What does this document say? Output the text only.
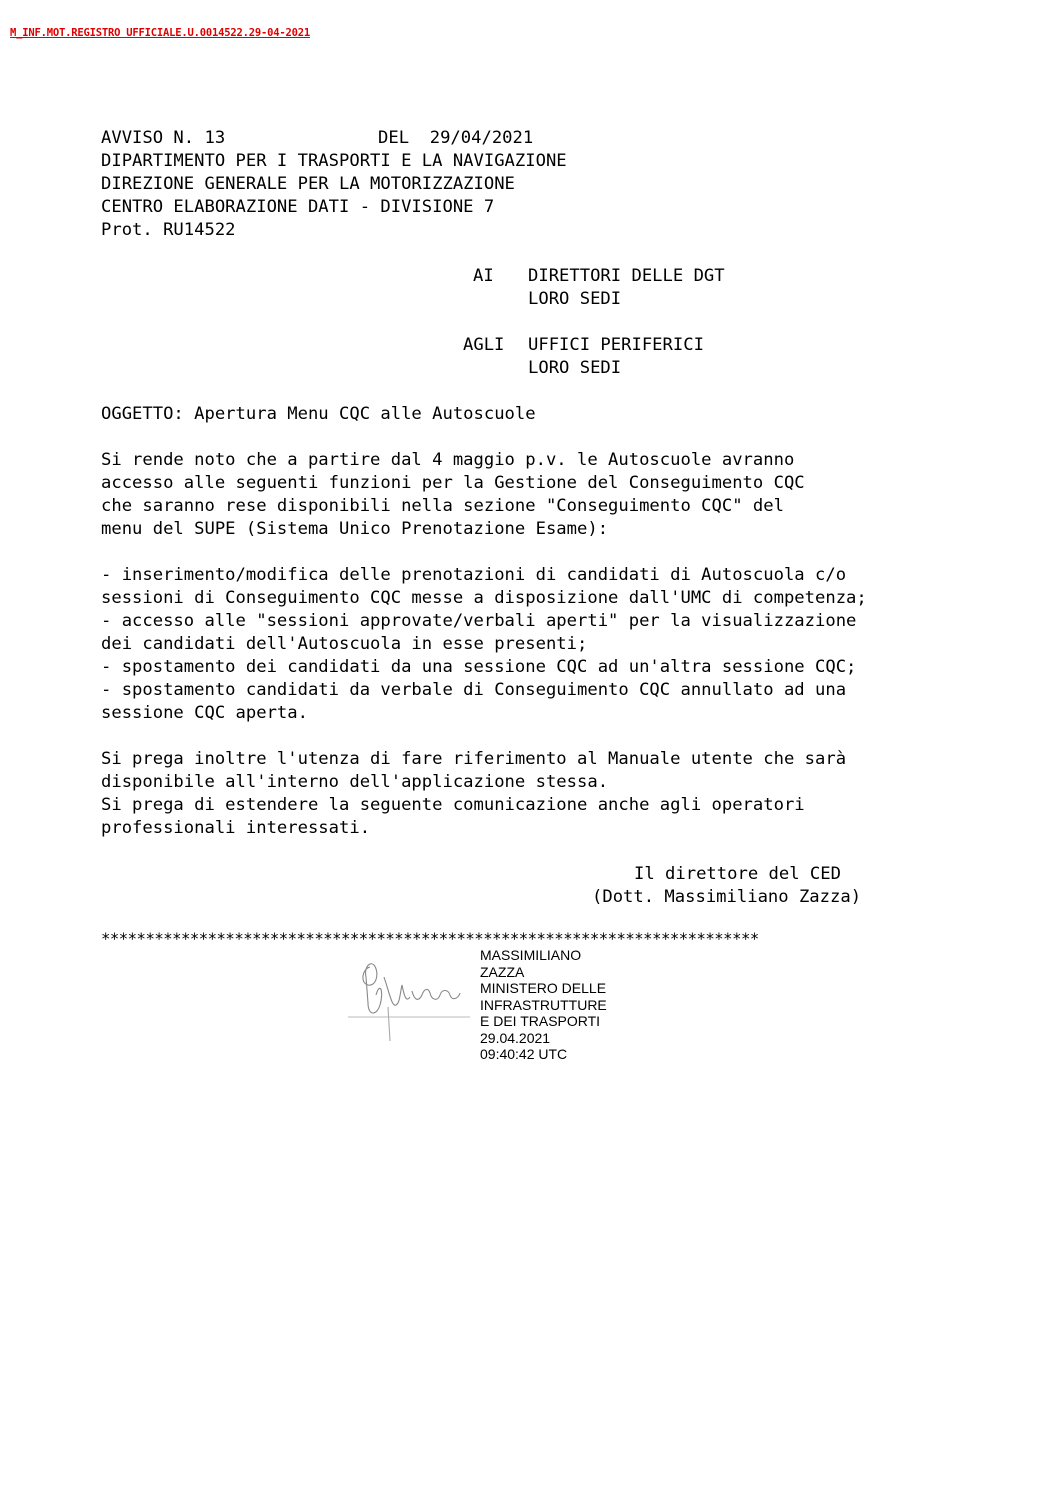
M_INF.MOT.REGISTRO UFFICIALE.U.0014522.29-04-2021
AVVISO N. 13	DEL  29/04/2021
DIPARTIMENTO PER I TRASPORTI E LA NAVIGAZIONE
DIREZIONE GENERALE PER LA MOTORIZZAZIONE
CENTRO ELABORAZIONE DATI - DIVISIONE 7
Prot. RU14522
AI DIRETTORI DELLE DGT
LORO SEDI
AGLI UFFICI PERIFERICI
LORO SEDI
OGGETTO: Apertura Menu CQC alle Autoscuole
Si rende noto che a partire dal 4 maggio p.v. le Autoscuole avranno
accesso alle seguenti funzioni per la Gestione del Conseguimento CQC
che saranno rese disponibili nella sezione "Conseguimento CQC" del
menu del SUPE (Sistema Unico Prenotazione Esame):
- inserimento/modifica delle prenotazioni di candidati di Autoscuola c/o
sessioni di Conseguimento CQC messe a disposizione dall'UMC di competenza;
- accesso alle "sessioni approvate/verbali aperti" per la visualizzazione
dei candidati dell'Autoscuola in esse presenti;
- spostamento dei candidati da una sessione CQC ad un'altra sessione CQC;
- spostamento candidati da verbale di Conseguimento CQC annullato ad una
sessione CQC aperta.
Si prega inoltre l'utenza di fare riferimento al Manuale utente che sarà
disponibile all'interno dell'applicazione stessa.
Si prega di estendere la seguente comunicazione anche agli operatori
professionali interessati.
Il direttore del CED
(Dott. Massimiliano Zazza)
**************************************************************************
MASSIMILIANO
ZAZZA
MINISTERO DELLE
INFRASTRUTTURE
E DEI TRASPORTI
29.04.2021
09:40:42 UTC
